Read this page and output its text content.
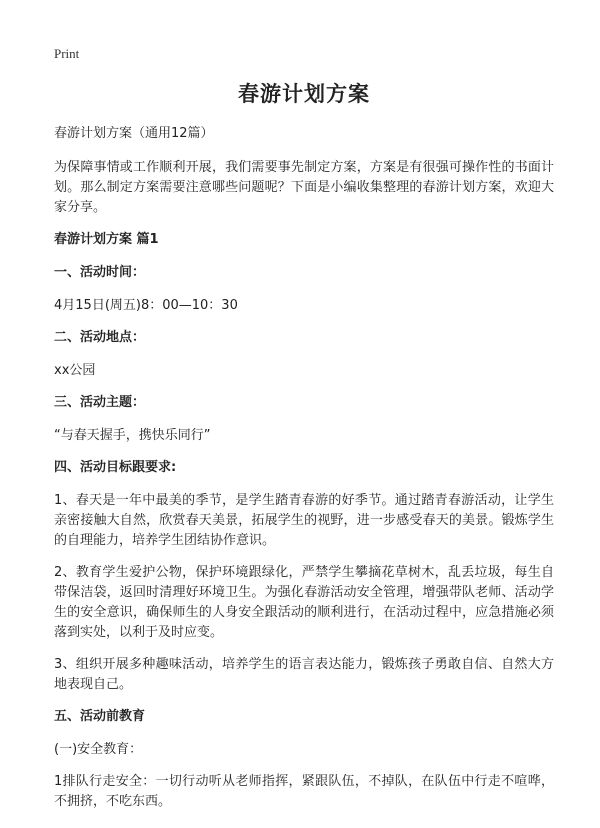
Print
春游计划方案
春游计划方案（通用12篇）
为保障事情或工作顺利开展，我们需要事先制定方案，方案是有很强可操作性的书面计划。那么制定方案需要注意哪些问题呢？下面是小编收集整理的春游计划方案，欢迎大家分享。
春游计划方案 篇1
一、活动时间：
4月15日(周五)8：00—10：30
二、活动地点：
xx公园
三、活动主题：
“与春天握手，携快乐同行”
四、活动目标跟要求:
1、春天是一年中最美的季节，是学生踏青春游的好季节。通过踏青春游活动，让学生亲密接触大自然，欣赏春天美景，拓展学生的视野，进一步感受春天的美景。锻炼学生的自理能力，培养学生团结协作意识。
2、教育学生爱护公物，保护环境跟绿化，严禁学生攀摘花草树木，乱丢垃圾，每生自带保洁袋，返回时清理好环境卫生。为强化春游活动安全管理，增强带队老师、活动学生的安全意识，确保师生的人身安全跟活动的顺利进行，在活动过程中，应急措施必须落到实处，以利于及时应变。
3、组织开展多种趣味活动，培养学生的语言表达能力，锻炼孩子勇敢自信、自然大方地表现自己。
五、活动前教育
(一)安全教育：
1排队行走安全：一切行动听从老师指挥，紧跟队伍，不掉队，在队伍中行走不喧哗，不拥挤，不吃东西。
